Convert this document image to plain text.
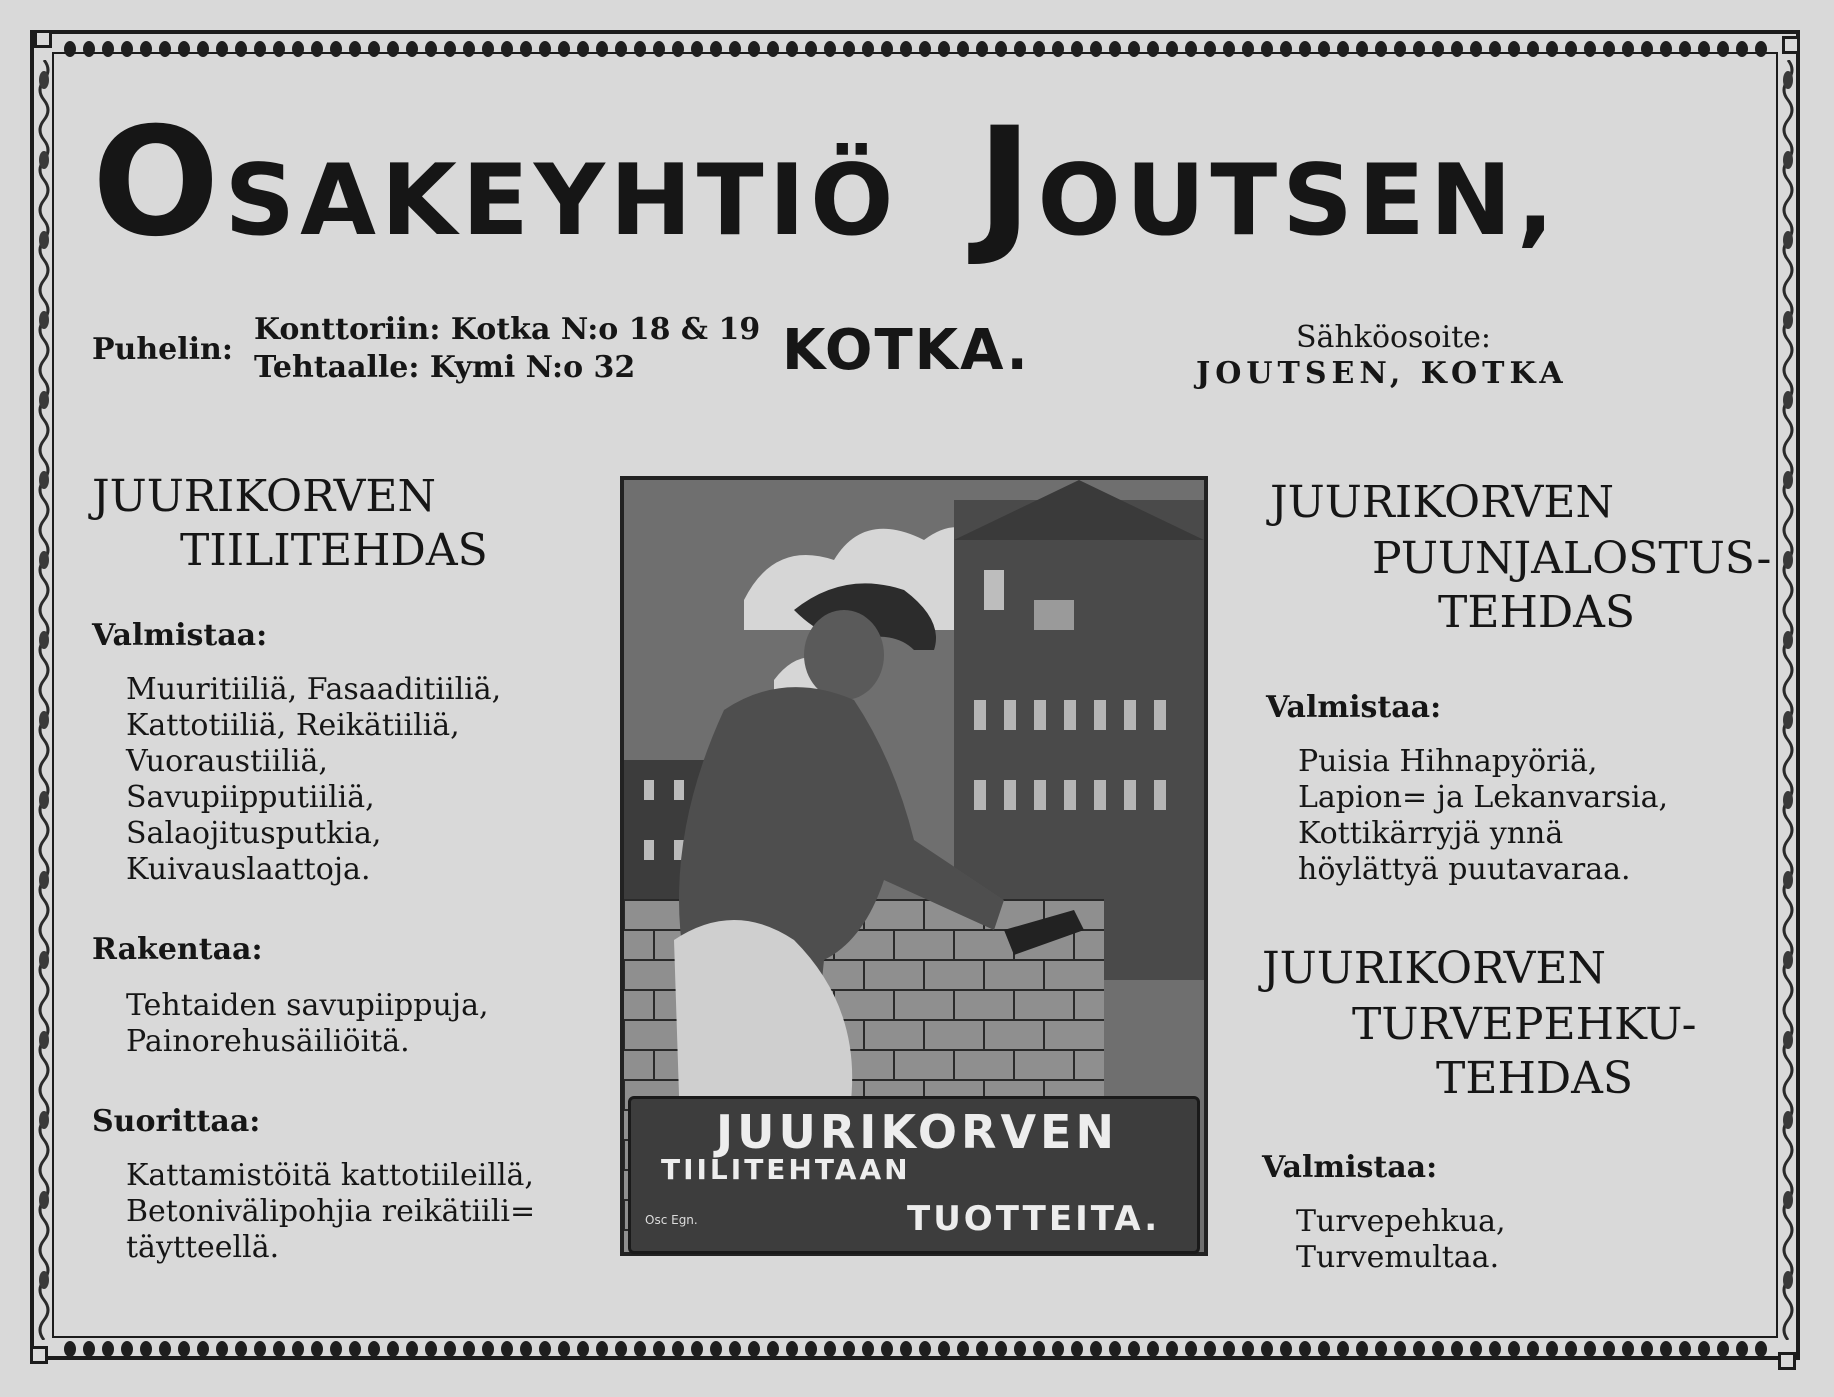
OSAKEYHTIÖ JOUTSEN,
Puhelin:
Konttoriin: Kotka N:o 18 & 19
Tehtaalle: Kymi N:o 32	KOTKA.	Sähköosoite:
JOUTSEN, KOTKA
JUURIKORVEN
TIILITEHDAS
Valmistaa:
Muuritiiliä, Fasaaditiiliä,
Kattotiiliä, Reikätiiliä,
Vuoraustiiliä,
Savupiipputiiliä,
Salaojitusputkia,
Kuivauslaattoja.
Rakentaa:
Tehtaiden savupiippuja,
Painorehusäiliöitä.
Suorittaa:
Kattamistöitä kattotiileillä,
Betonivälipohjia reikätiili=
täytteellä.
JUURIKORVEN
TIILITEHTAAN
TUOTTEITA.
Osc Egn.
JUURIKORVEN
PUUNJALOSTUS-
TEHDAS
Valmistaa:
Puisia Hihnapyöriä,
Lapion= ja Lekanvarsia,
Kottikärryjä ynnä
höylättyä puutavaraa.
JUURIKORVEN
TURVEPEHKU-
TEHDAS
Valmistaa:
Turvepehkua,
Turvemultaa.
